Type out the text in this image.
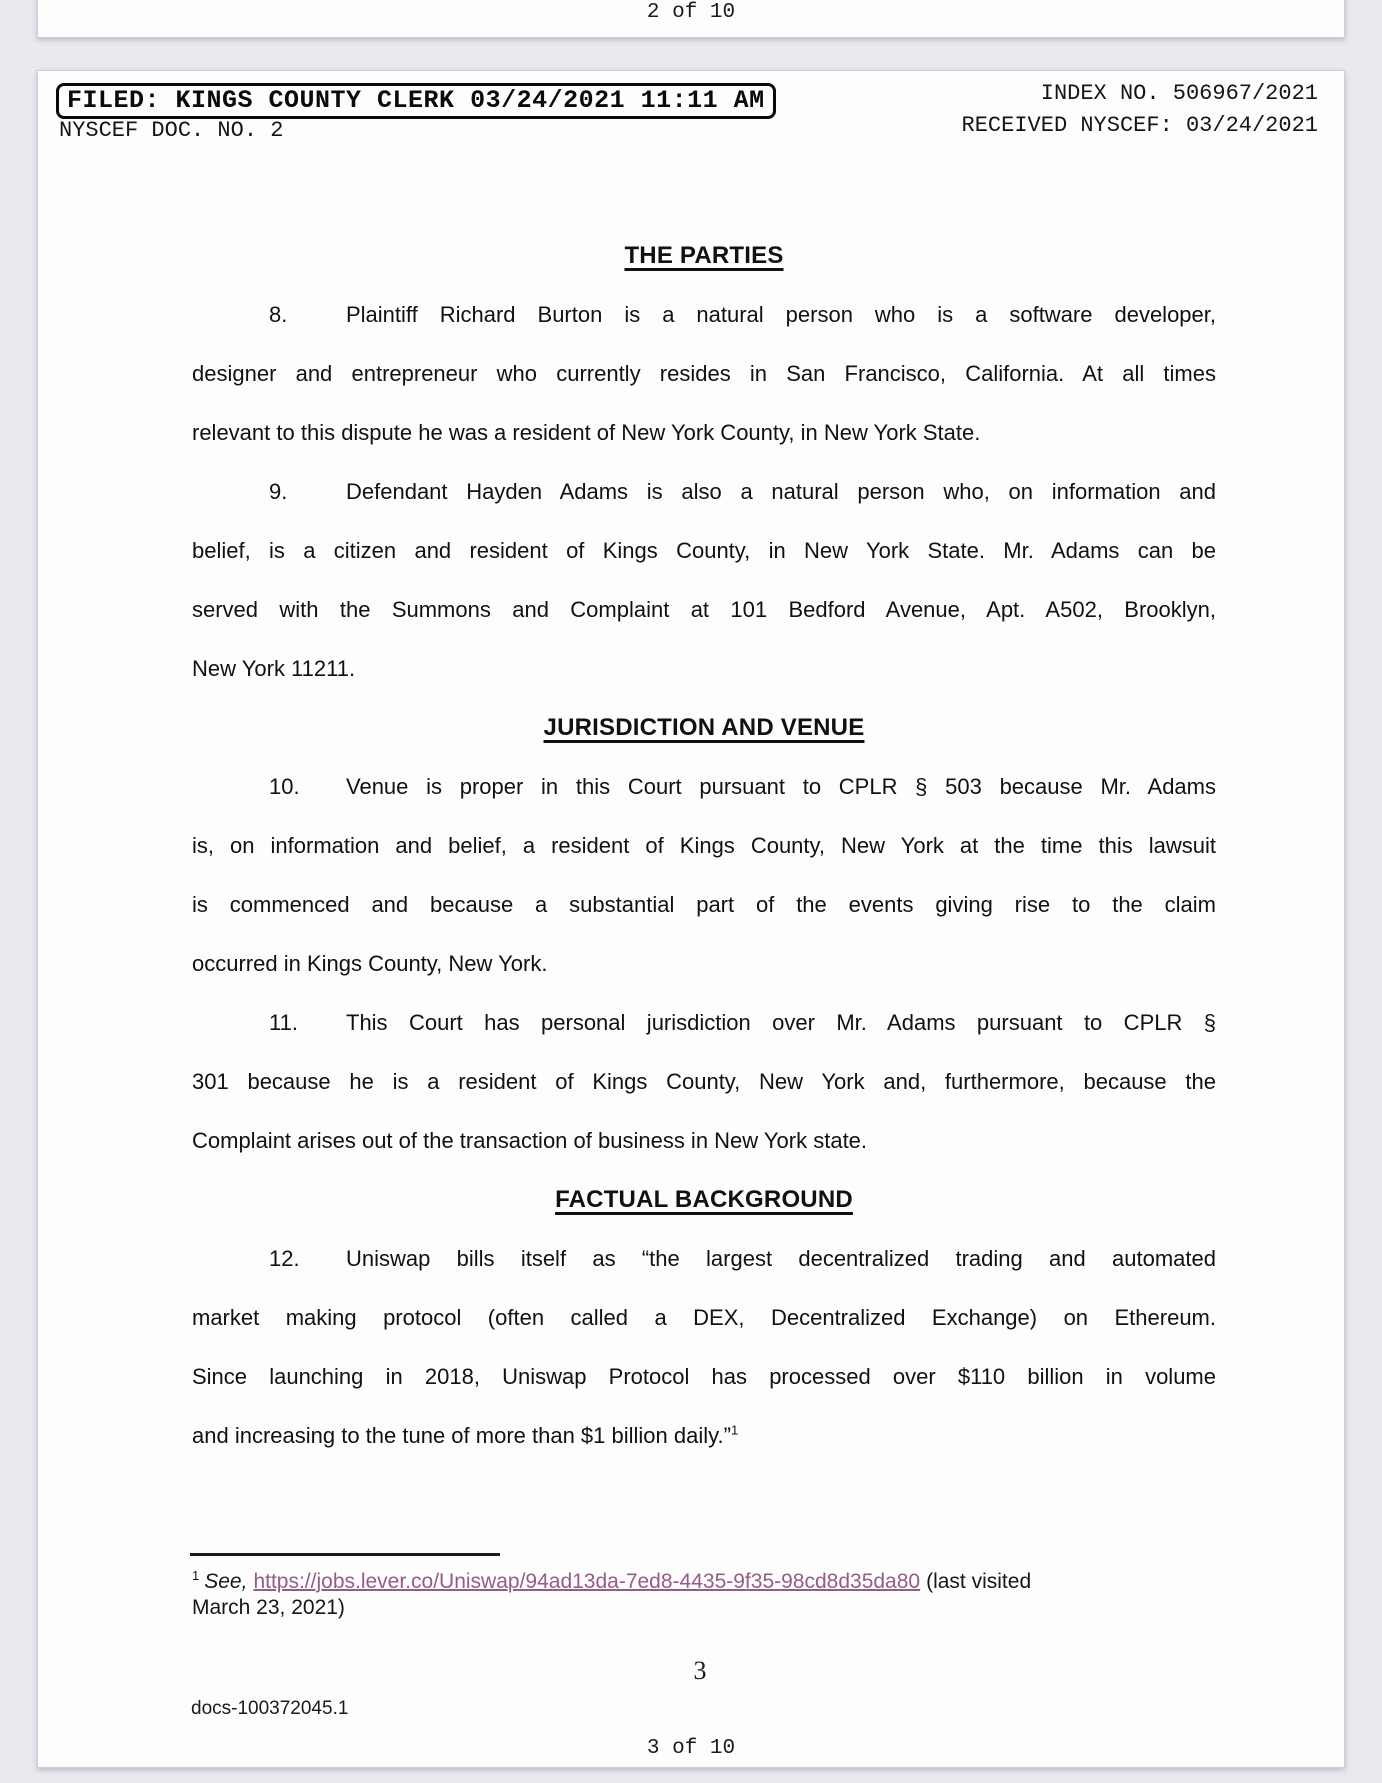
2 of 10
FILED: KINGS COUNTY CLERK 03/24/2021 11:11 AM
NYSCEF DOC. NO. 2
INDEX NO. 506967/2021
RECEIVED NYSCEF: 03/24/2021
THE PARTIES
8.	Plaintiff Richard Burton is a natural person who is a software developer,
designer and entrepreneur who currently resides in San Francisco, California. At all times
relevant to this dispute he was a resident of New York County, in New York State.
9.	Defendant Hayden Adams is also a natural person who, on information and
belief, is a citizen and resident of Kings County, in New York State. Mr. Adams can be
served with the Summons and Complaint at 101 Bedford Avenue, Apt. A502, Brooklyn,
New York 11211.
JURISDICTION AND VENUE
10. Venue is proper in this Court pursuant to CPLR § 503 because Mr. Adams
is, on information and belief, a resident of Kings County, New York at the time this lawsuit
is commenced and because a substantial part of the events giving rise to the claim
occurred in Kings County, New York.
11. This Court has personal jurisdiction over Mr. Adams pursuant to CPLR §
301 because he is a resident of Kings County, New York and, furthermore, because the
Complaint arises out of the transaction of business in New York state.
FACTUAL BACKGROUND
12. Uniswap bills itself as “the largest decentralized trading and automated
market making protocol (often called a DEX, Decentralized Exchange) on Ethereum.
Since launching in 2018, Uniswap Protocol has processed over $110 billion in volume
and increasing to the tune of more than $1 billion daily.”$^1$
$^1$ See, https://jobs.lever.co/Uniswap/94ad13da-7ed8-4435-9f35-98cd8d35da80 (last visited
March 23, 2021)
3
docs-100372045.1
3 of 10
